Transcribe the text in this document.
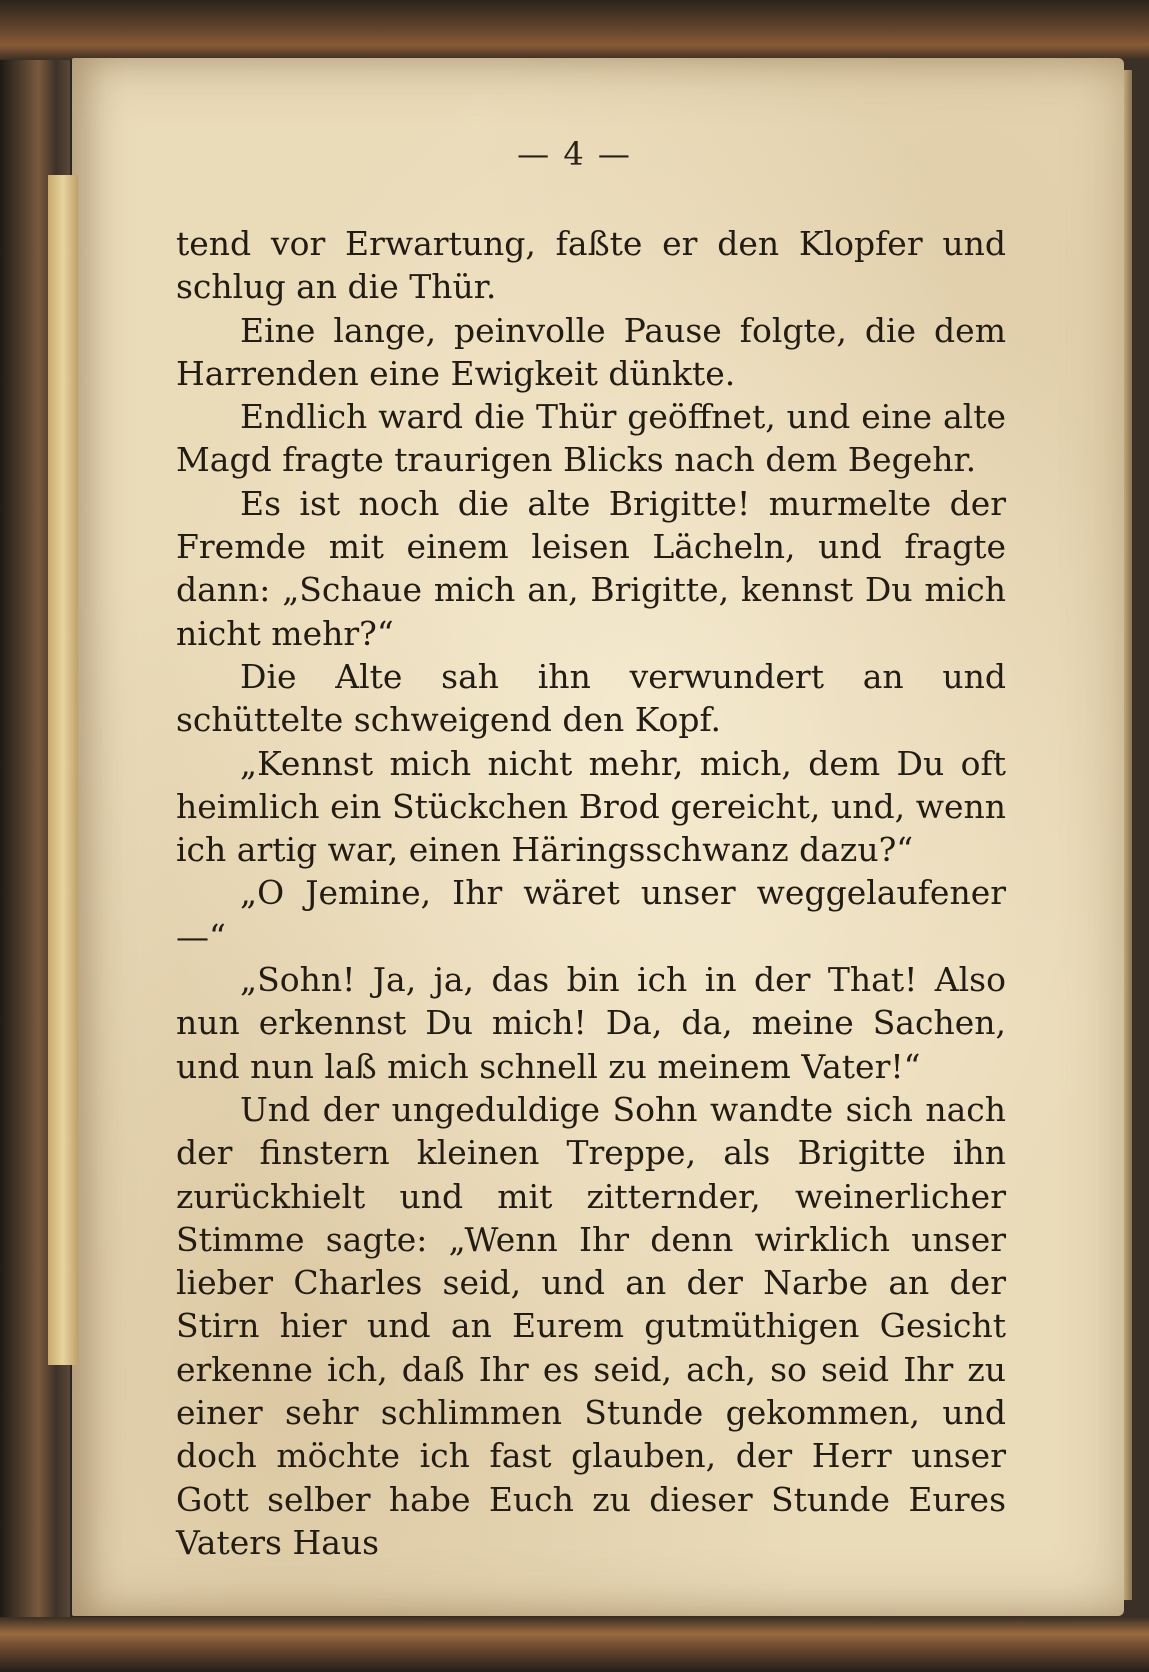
— 4 —

tend vor Erwartung, faßte er den Klopfer und schlug an die Thür.

Eine lange, peinvolle Pause folgte, die dem Harrenden eine Ewigkeit dünkte.

Endlich ward die Thür geöffnet, und eine alte Magd fragte traurigen Blicks nach dem Begehr.

Es ist noch die alte Brigitte! murmelte der Fremde mit einem leisen Lächeln, und fragte dann: „Schaue mich an, Brigitte, kennst Du mich nicht mehr?“

Die Alte sah ihn verwundert an und schüttelte schweigend den Kopf.

„Kennst mich nicht mehr, mich, dem Du oft heimlich ein Stückchen Brod gereicht, und, wenn ich artig war, einen Häringsschwanz dazu?“

„O Jemine, Ihr wäret unser weggelaufener —“

„Sohn! Ja, ja, das bin ich in der That! Also nun erkennst Du mich! Da, da, meine Sachen, und nun laß mich schnell zu meinem Vater!“

Und der ungeduldige Sohn wandte sich nach der finstern kleinen Treppe, als Brigitte ihn zurückhielt und mit zitternder, weinerlicher Stimme sagte: „Wenn Ihr denn wirklich unser lieber Charles seid, und an der Narbe an der Stirn hier und an Eurem gutmüthigen Gesicht erkenne ich, daß Ihr es seid, ach, so seid Ihr zu einer sehr schlimmen Stunde gekommen, und doch möchte ich fast glauben, der Herr unser Gott selber habe Euch zu dieser Stunde Eures Vaters Haus
